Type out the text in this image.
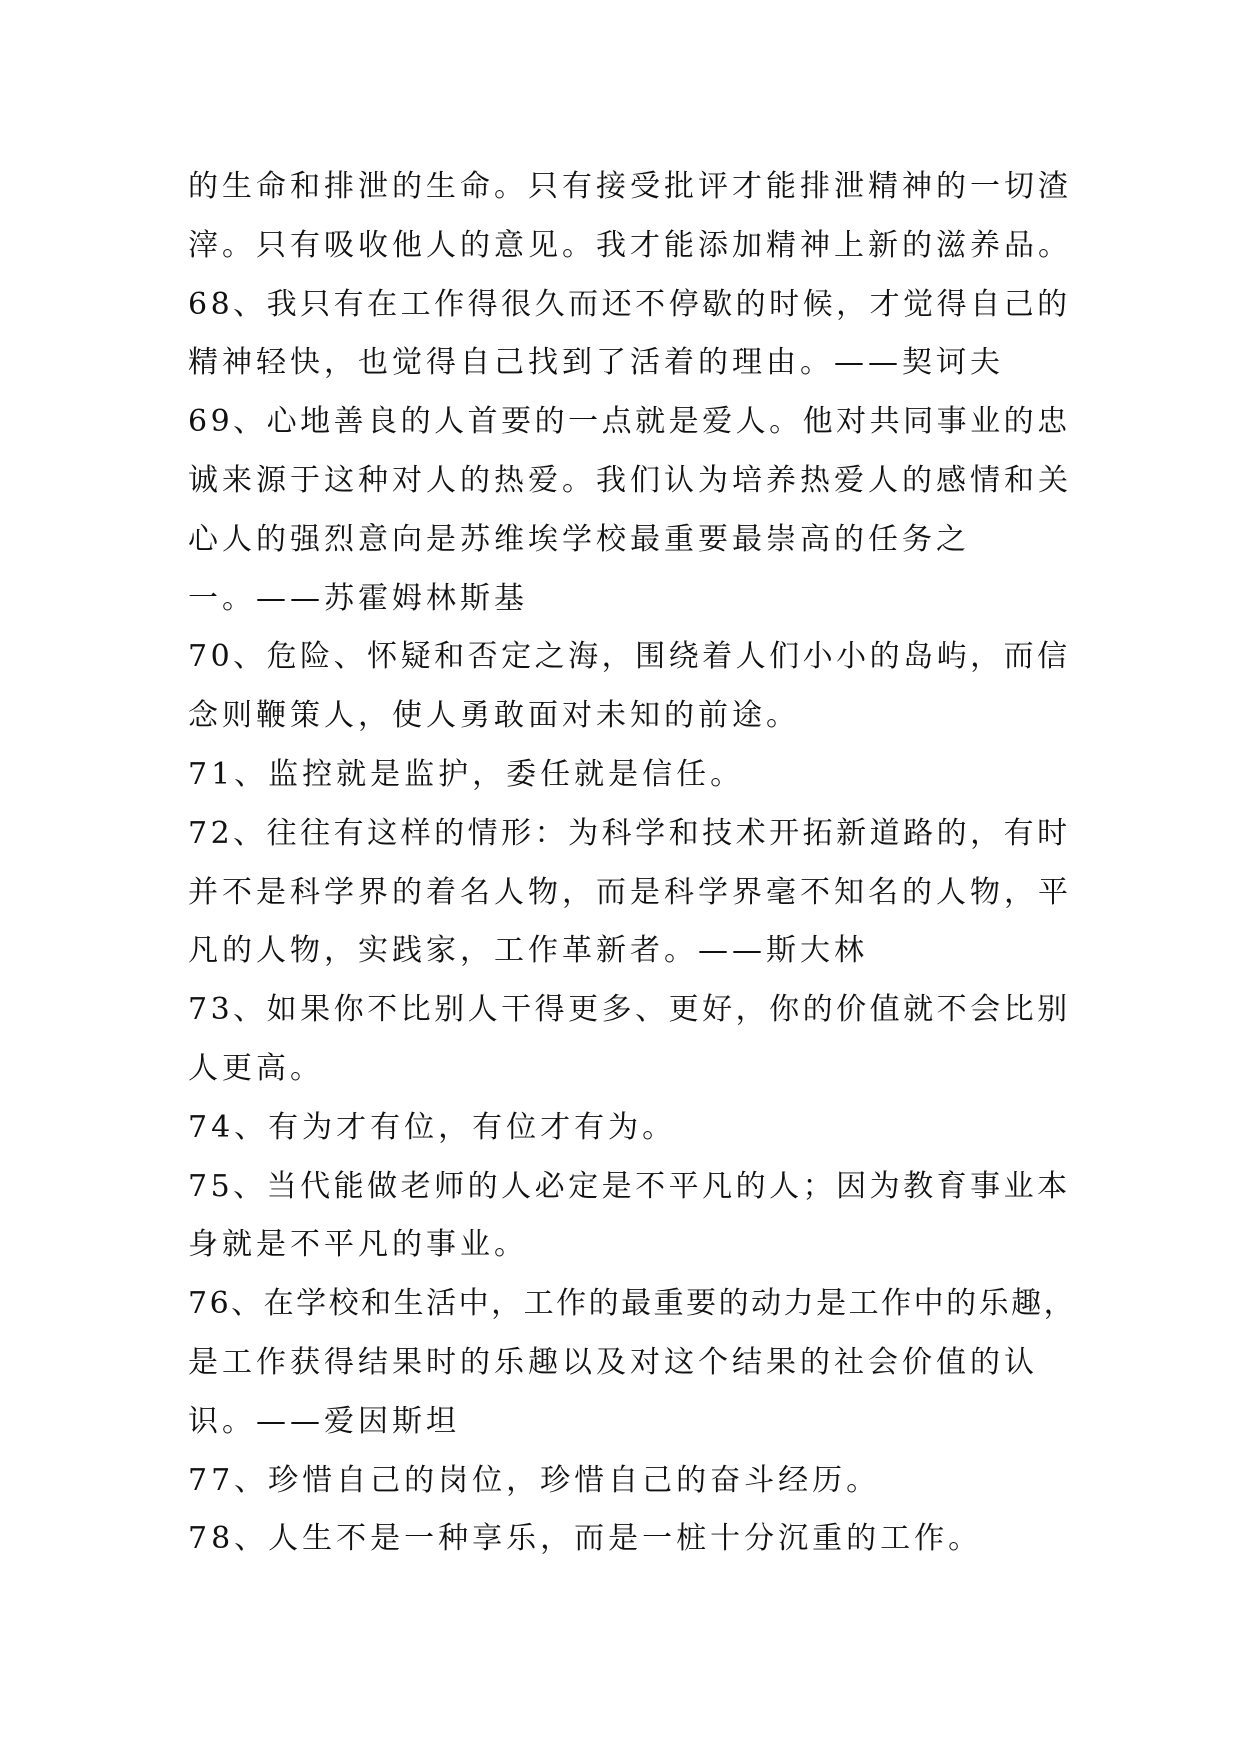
的生命和排泄的生命。只有接受批评才能排泄精神的一切渣
滓。只有吸收他人的意见。我才能添加精神上新的滋养品。
68、我只有在工作得很久而还不停歇的时候，才觉得自己的
精神轻快，也觉得自己找到了活着的理由。——契诃夫
69、心地善良的人首要的一点就是爱人。他对共同事业的忠
诚来源于这种对人的热爱。我们认为培养热爱人的感情和关
心人的强烈意向是苏维埃学校最重要最崇高的任务之
一。——苏霍姆林斯基
70、危险、怀疑和否定之海，围绕着人们小小的岛屿，而信
念则鞭策人，使人勇敢面对未知的前途。
71、监控就是监护，委任就是信任。
72、往往有这样的情形：为科学和技术开拓新道路的，有时
并不是科学界的着名人物，而是科学界毫不知名的人物，平
凡的人物，实践家，工作革新者。——斯大林
73、如果你不比别人干得更多、更好，你的价值就不会比别
人更高。
74、有为才有位，有位才有为。
75、当代能做老师的人必定是不平凡的人；因为教育事业本
身就是不平凡的事业。
76、在学校和生活中，工作的最重要的动力是工作中的乐趣，
是工作获得结果时的乐趣以及对这个结果的社会价值的认
识。——爱因斯坦
77、珍惜自己的岗位，珍惜自己的奋斗经历。
78、人生不是一种享乐，而是一桩十分沉重的工作。
